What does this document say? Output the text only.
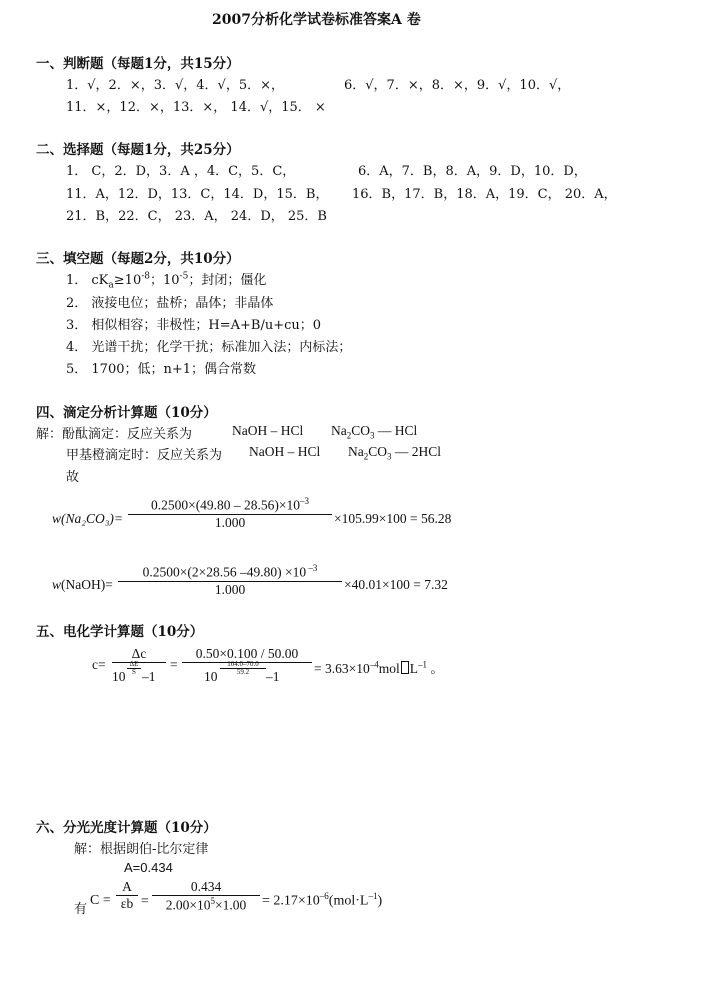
2007分析化学试卷标准答案A 卷
一、判断题（每题1分，共15分）
1．√，2．×，3．√，4．√，5．×，	6．√，7．×，8．×，9．√，10．√，
11．×，12．×，13．×， 14．√，15． ×
二、选择题（每题1分，共25分）
1． C，2．D，3．A ，4．C，5．C，	6．A，7．B，8．A，9．D，10．D，
11．A，12．D，13．C，14．D，15．B， 16．B，17．B，18．A，19．C， 20．A，
21．B，22．C， 23．A， 24．D， 25．B
三、填空题（每题2分，共10分）
1． $cK_a\ge 10^{-8}$；$10^{-5}$；封闭；僵化
2． 液接电位；盐桥；晶体；非晶体
3． 相似相容；非极性；H=A+B/u+cu；0
4． 光谱干扰；化学干扰；标准加入法；内标法；
5． 1700；低；n+1；偶合常数
四、滴定分析计算题（10分）
解：酚酞滴定：反应关系为	NaOH – HCl $Na_2CO_3$ — HCl
甲基橙滴定时：反应关系为 NaOH – HCl $Na_2CO_3$ — 2HCl
故
w(Na₂CO₃)=
$0.2500\times(49.80 - 28.56)\times 10^{-3}$
1.000	×105.99×100 = 56.28
w(NaOH)=
0.2500×(2×28.56 –49.80) ×10 $^{-3}$
1.000	×40.01×100 = 7.32
五、电化学计算题（10分）
c=
Δc
10
ΔE
S –1
=
0.50×0.100 / 50.00
10
104.0–70.0
59.2	–1
= $3.63\times 10^{-4}mol$ $L^{-1}$ 。
六、分光光度计算题（10分）
解：根据朗伯-比尔定律
A=0.434
有
C =
A
εb =
0.434
$2.00\times 10^5\times 1.00$	= $2.17\times 10^{-6}(mol\cdot L^{-1})$
